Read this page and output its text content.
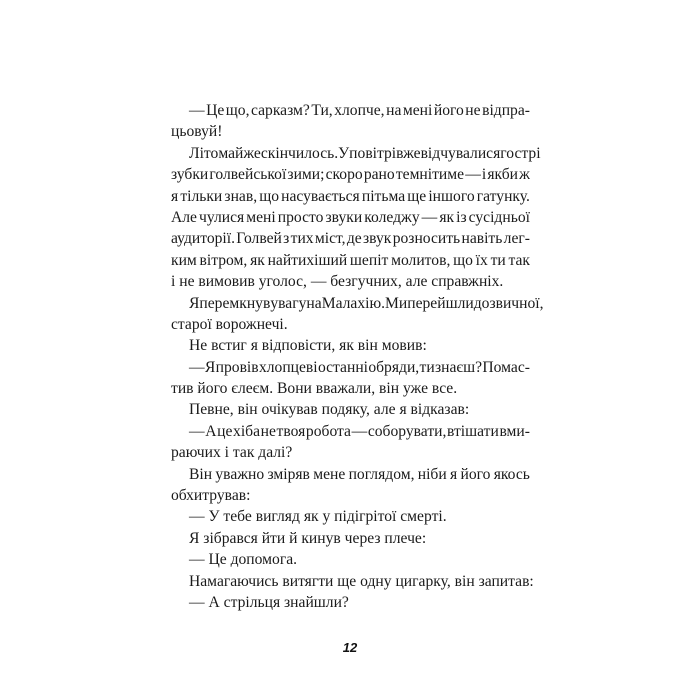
— Це що, сарказм? Ти, хлопче, на мені його не відпра-
цьовуй!
Літо майже скінчилось. У повітрі вже відчувалися гострі
зубки голвейської зими; скоро рано темнітиме — і якби ж
я тільки знав, що насувається пітьма ще іншого гатунку.
Але чулися мені просто звуки коледжу — як із сусідньої
аудиторії. Голвей з тих міст, де звук розносить навіть лег-
ким вітром, як найтихіший шепіт молитов, що їх ти так
і не вимовив уголос, — безгучних, але справжніх.
Я перемкнув увагу на Малахію. Ми перейшли до звичної,
старої ворожнечі.
Не встиг я відповісти, як він мовив:
— Я провів хлопцеві останні обряди, ти знаєш? Помас-
тив його єлеєм. Вони вважали, він уже все.
Певне, він очікував подяку, але я відказав:
— А це хіба не твоя робота — соборувати, втішати вми-
раючих і так далі?
Він уважно зміряв мене поглядом, ніби я його якось
обхитрував:
— У тебе вигляд як у підігрітої смерті.
Я зібрався йти й кинув через плече:
— Це допомога.
Намагаючись витягти ще одну цигарку, він запитав:
— А стрільця знайшли?
12
